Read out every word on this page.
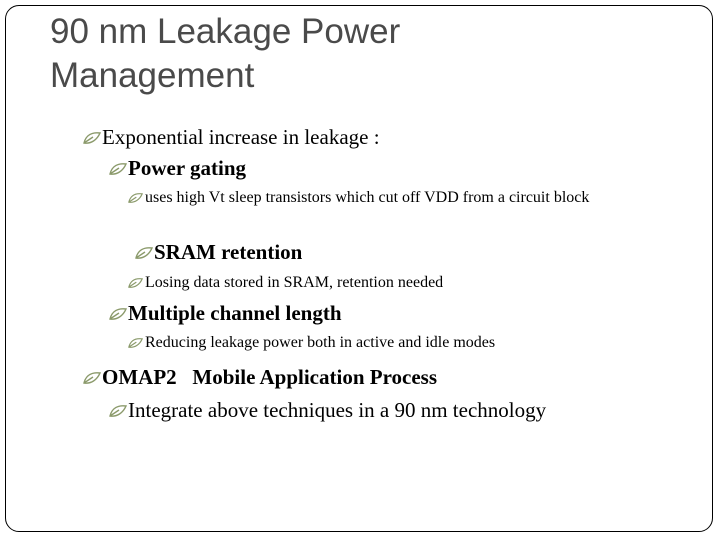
90 nm Leakage Power
Management
Exponential increase in leakage :
Power gating
uses high Vt sleep transistors which cut off VDD from a circuit block
SRAM retention
Losing data stored in SRAM, retention needed
Multiple channel length
Reducing leakage power both in active and idle modes
OMAP2   Mobile Application Process
Integrate above techniques in a 90 nm technology
